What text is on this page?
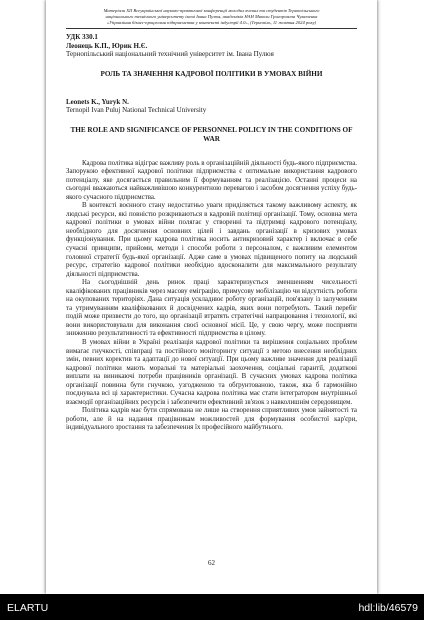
Матеріали XII Всеукраїнської науково-практичної конференції молодих вчених та студентів Тернопільського
національного технічного університету імені Івана Пулюя, академіків НАН Миколи Григоровича Чумаченка
«Управління бізнес-процесами підприємства у контексті індустрії 4.0», (Тернопіль, 11 жовтня 2024 року)
УДК 330.1
Леонець К.П., Юрик Н.Є.
Тернопільський національний технічний університет ім. Івана Пулюя
РОЛЬ ТА ЗНАЧЕННЯ КАДРОВОЇ ПОЛІТИКИ В УМОВАХ ВІЙНИ
Leonets K., Yuryk N.
Ternopil Ivan Puluj National Technical University
THE ROLE AND SIGNIFICANCE OF PERSONNEL POLICY IN THE CONDITIONS OF WAR

Кадрова політика відіграє важливу роль в організаційній діяльності будь-якого підприємства. Запорукою ефективної кадрової політики підприємства є оптимальне використання кадрового потенціалу, яке досягається правильним її формуванням та реалізацією. Останні процеси на сьогодні вважаються найважливішою конкурентною перевагою і засобом досягнення успіху будь-якого сучасного підприємства.

В контексті воєнного стану недостатньо уваги приділяється такому важливому аспекту, як людські ресурси, які повністю розкриваються в кадровій політиці організації. Тому, основна мета кадрової політики в умовах війни полягає у створенні та підтримці кадрового потенціалу, необхідного для досягнення основних цілей і завдань організації в кризових умовах функціонування. При цьому кадрова політика носить антикризовий характер і включає в себе сучасні принципи, прийоми, методи і способи роботи з персоналом, є важливим елементом головної стратегії будь-якої організації. Адже саме в умовах підвищеного попиту на людський ресурс, стратегію кадрової політики необхідно вдосконалити для максимального результату діяльності підприємства.

На сьогоднішній день ринок праці характеризується зменшенням чисельності кваліфікованих працівників через масову еміграцію, примусову мобілізацію чи відсутність роботи на окупованих територіях. Дана ситуація ускладнює роботу організацій, пов'язану із залученням та утримуванням кваліфікованих й досвідчених кадрів, яких вони потребують. Такий перебіг подій може призвести до того, що організації втратять стратегічні напрацювання і технології, які вони використовували для виконання своєї основної місії. Це, у свою чергу, може посприяти зниженню результативності та ефективності підприємства в цілому.

В умовах війни в Україні реалізація кадрової політики та вирішення соціальних проблем вимагає гнучкості, співпраці та постійного моніторингу ситуації з метою внесення необхідних змін, певних коректив та адаптації до нової ситуації. При цьому важливе значення для реалізації кадрової політики мають моральні та матеріальні заохочення, соціальні гарантії, додаткові виплати на виникаючі потреби працівників організації. В сучасних умовах кадрова політика організації повинна бути гнучкою, узгодженою та обґрунтованою, також, яка б гармонійно поєднувала всі ці характеристики. Сучасна кадрова політика має стати інтегратором внутрішньої взаємодії організаційних ресурсів і забезпечити ефективний зв'язок з навколишнім середовищем.

Політика кадрів має бути спрямована не лише на створення сприятливих умов зайнятості та роботи, але й на надання працівникам можливостей для формування особистої кар'єри, індивідуального зростання та забезпечення їх професійного майбутнього.

62
ELARTU	hdl:lib/46579
